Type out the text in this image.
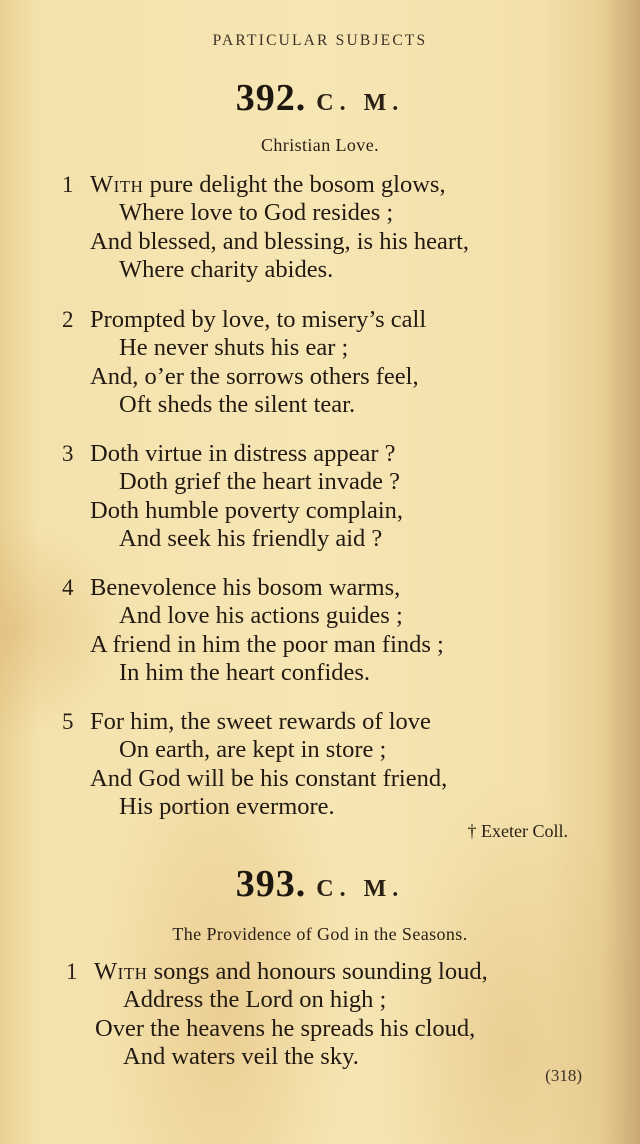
PARTICULAR SUBJECTS
392. C. M.
Christian Love.
1 With pure delight the bosom glows,
Where love to God resides ;
And blessed, and blessing, is his heart,
Where charity abides.
2 Prompted by love, to misery’s call
He never shuts his ear ;
And, o’er the sorrows others feel,
Oft sheds the silent tear.
3 Doth virtue in distress appear ?
Doth grief the heart invade ?
Doth humble poverty complain,
And seek his friendly aid ?
4 Benevolence his bosom warms,
And love his actions guides ;
A friend in him the poor man finds ;
In him the heart confides.
5 For him, the sweet rewards of love
On earth, are kept in store ;
And God will be his constant friend,
His portion evermore.
† Exeter Coll.
393. C. M.
The Providence of God in the Seasons.
1 With songs and honours sounding loud,
Address the Lord on high ;
Over the heavens he spreads his cloud,
And waters veil the sky.
(318)
